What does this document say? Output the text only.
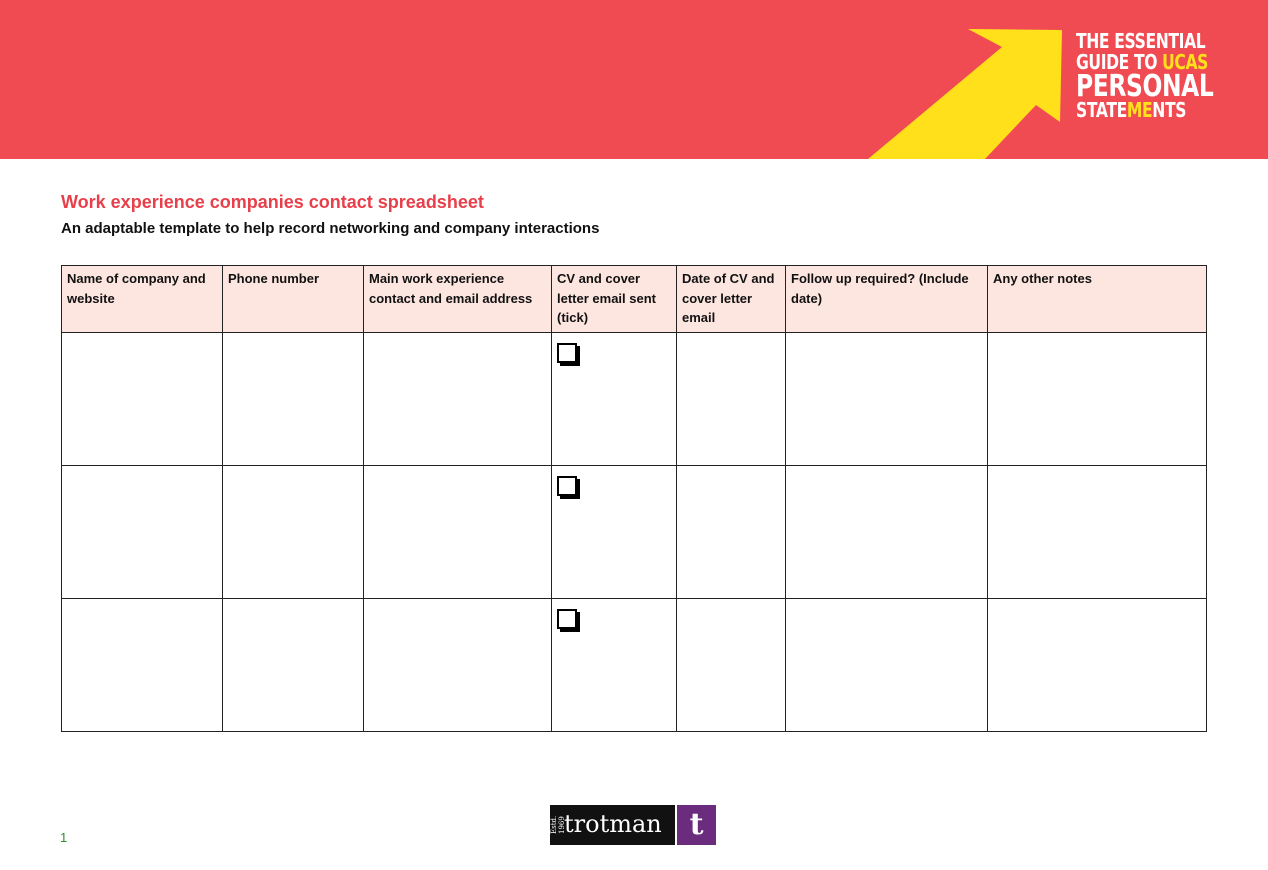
THE ESSENTIAL
GUIDE TO UCAS
PERSONAL
STATEMENTS
Work experience companies contact spreadsheet

An adaptable template to help record networking and company interactions

Name of company and website	Phone number	Main work experience contact and email address	CV and cover letter email sent (tick)	Date of CV and cover letter email	Follow up required? (Include date)	Any other notes

1
Estd. 1969
trotman t
